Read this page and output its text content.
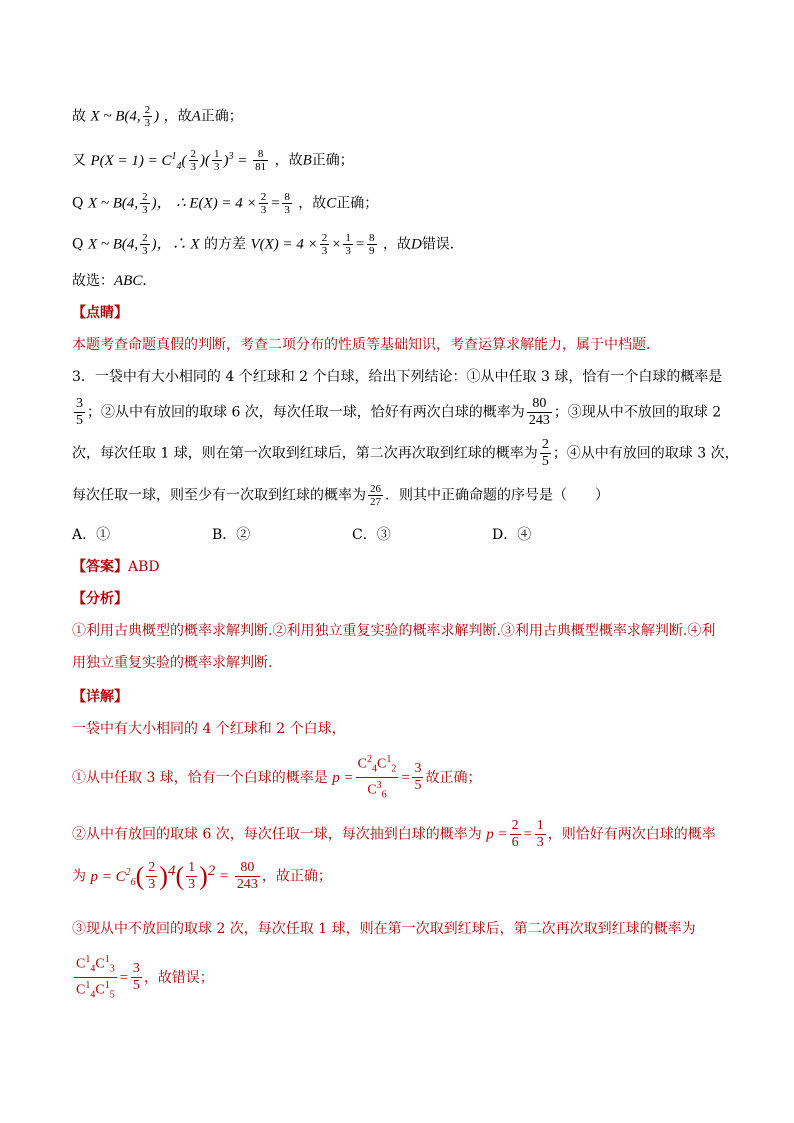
故 X ~ B(4, $\frac{2}{3}$ ) ，故A正确；
又 $P(X = 1) = C^1_4( \frac{2}{3}$ )( $\frac{1}{3} )^3 = \frac{8}{81}$ ，故B正确；
Q X ~ B(4, $\frac{2}{3}$ )， ∴ $E(X) = 4 \times \frac{2}{3} = \frac{8}{3}$ ，故C正确；
Q X ~ B(4, $\frac{2}{3}$ )，∴ X 的方差 $V(X) = 4 \times \frac{2}{3} \times \frac{1}{3} = \frac{8}{9}$ ，故D错误．
故选：ABC．
【点睛】
本题考查命题真假的判断，考查二项分布的性质等基础知识，考查运算求解能力，属于中档题．
3．一袋中有大小相同的 4 个红球和 2 个白球，给出下列结论：①从中任取 3 球，恰有一个白球的概率是
$\frac{3}{5}$ ；②从中有放回的取球 6 次，每次任取一球，恰好有两次白球的概率为 $\frac{80}{243}$ ；③现从中不放回的取球 2
次，每次任取 1 球，则在第一次取到红球后，第二次再次取到红球的概率为 $\frac{2}{5}$ ；④从中有放回的取球 3 次，
每次任取一球，则至少有一次取到红球的概率为 $\frac{26}{27}$ ．则其中正确命题的序号是（　　）
A．①	B．②	C．③	D．④
【答案】ABD
【分析】
①利用古典概型的概率求解判断.②利用独立重复实验的概率求解判断.③利用古典概型概率求解判断.④利
用独立重复实验的概率求解判断.
【详解】
一袋中有大小相同的 4 个红球和 2 个白球，
①从中任取 3 球，恰有一个白球的概率是 $p = \frac{C^2_4C^1_2}{C^3_6} = \frac{3}{5}$ 故正确；
②从中有放回的取球 6 次，每次任取一球，每次抽到白球的概率为 $p = \frac{2}{6} = \frac{1}{3}$ ，则恰好有两次白球的概率
为 $p = C^2_6( \frac{2}{3} )^4( \frac{1}{3} )^2 = \frac{80}{243}$ ，故正确；
③现从中不放回的取球 2 次，每次任取 1 球，则在第一次取到红球后，第二次再次取到红球的概率为
$\frac{C^1_4C^1_3}{C^1_4C^1_5} = \frac{3}{5}$ ，故错误；
